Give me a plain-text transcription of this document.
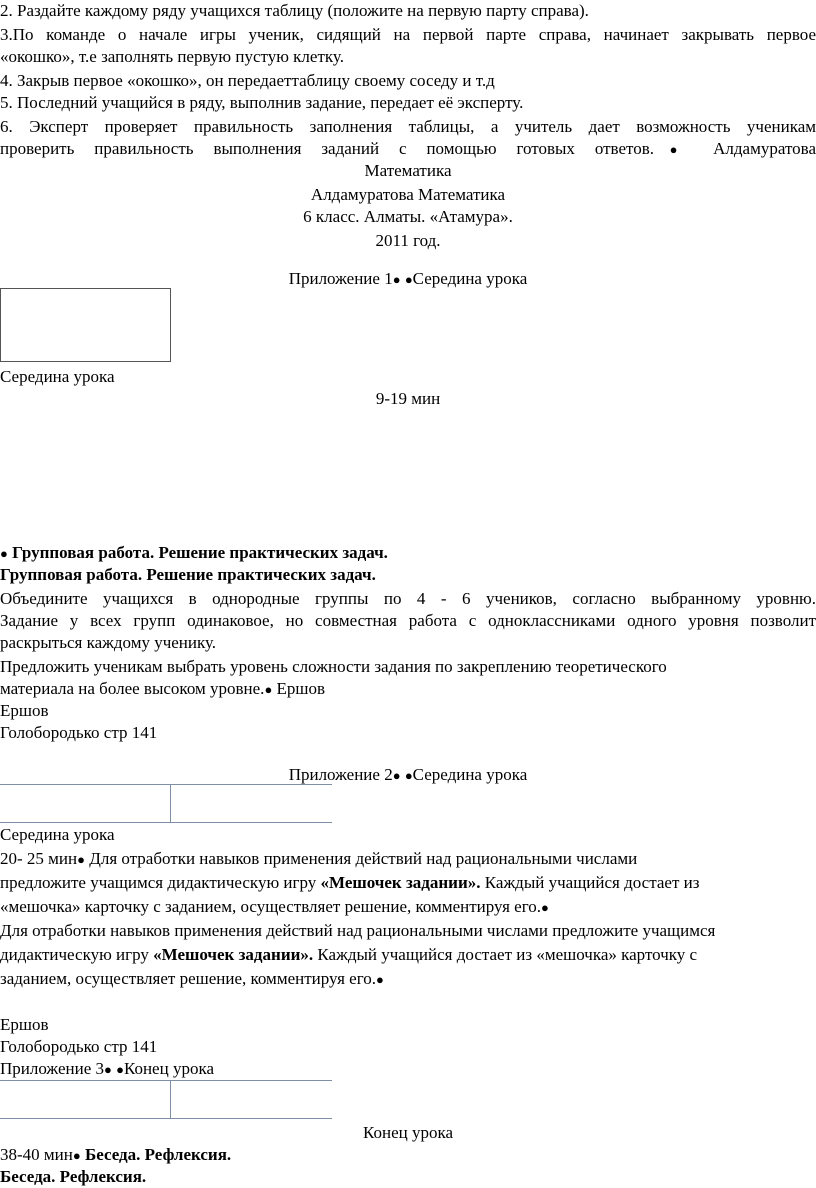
2. Раздайте каждому ряду учащихся таблицу (положите на первую парту справа).
3.По команде о начале игры ученик, сидящий на первой парте справа, начинает закрывать первое
«окошко», т.е заполнять первую пустую клетку.
4. Закрыв первое «окошко», он передаеттаблицу своему соседу и т.д
5. Последний учащийся в ряду, выполнив задание, передает её эксперту.
6. Эксперт проверяет правильность заполнения таблицы, а учитель дает возможность ученикам
проверить правильность выполнения заданий с помощью готовых ответов.● Алдамуратова
Математика
Алдамуратова Математика
6 класс. Алматы. «Атамура».
2011 год.
Приложение 1● ●Середина урока
Середина урока
9-19 мин
● Групповая работа. Решение практических задач.
Групповая работа. Решение практических задач.
Объедините учащихся в однородные группы по 4 - 6 учеников, согласно выбранному уровню.
Задание у всех групп одинаковое, но совместная работа с одноклассниками одного уровня позволит
раскрыться каждому ученику.
Предложить ученикам выбрать уровень сложности задания по закреплению теоретического
материала на более высоком уровне.● Ершов
Ершов
Голобородько стр 141
Приложение 2● ●Середина урока
Середина урока
20- 25 мин● Для отработки навыков применения действий над рациональными числами
предложите учащимся дидактическую игру «Мешочек задании». Каждый учащийся достает из
«мешочка» карточку с заданием, осуществляет решение, комментируя его.●
Для отработки навыков применения действий над рациональными числами предложите учащимся
дидактическую игру «Мешочек задании». Каждый учащийся достает из «мешочка» карточку с
заданием, осуществляет решение, комментируя его.●
Ершов
Голобородько стр 141
Приложение 3● ●Конец урока
Конец урока
38-40 мин● Беседа. Рефлексия.
Беседа. Рефлексия.
